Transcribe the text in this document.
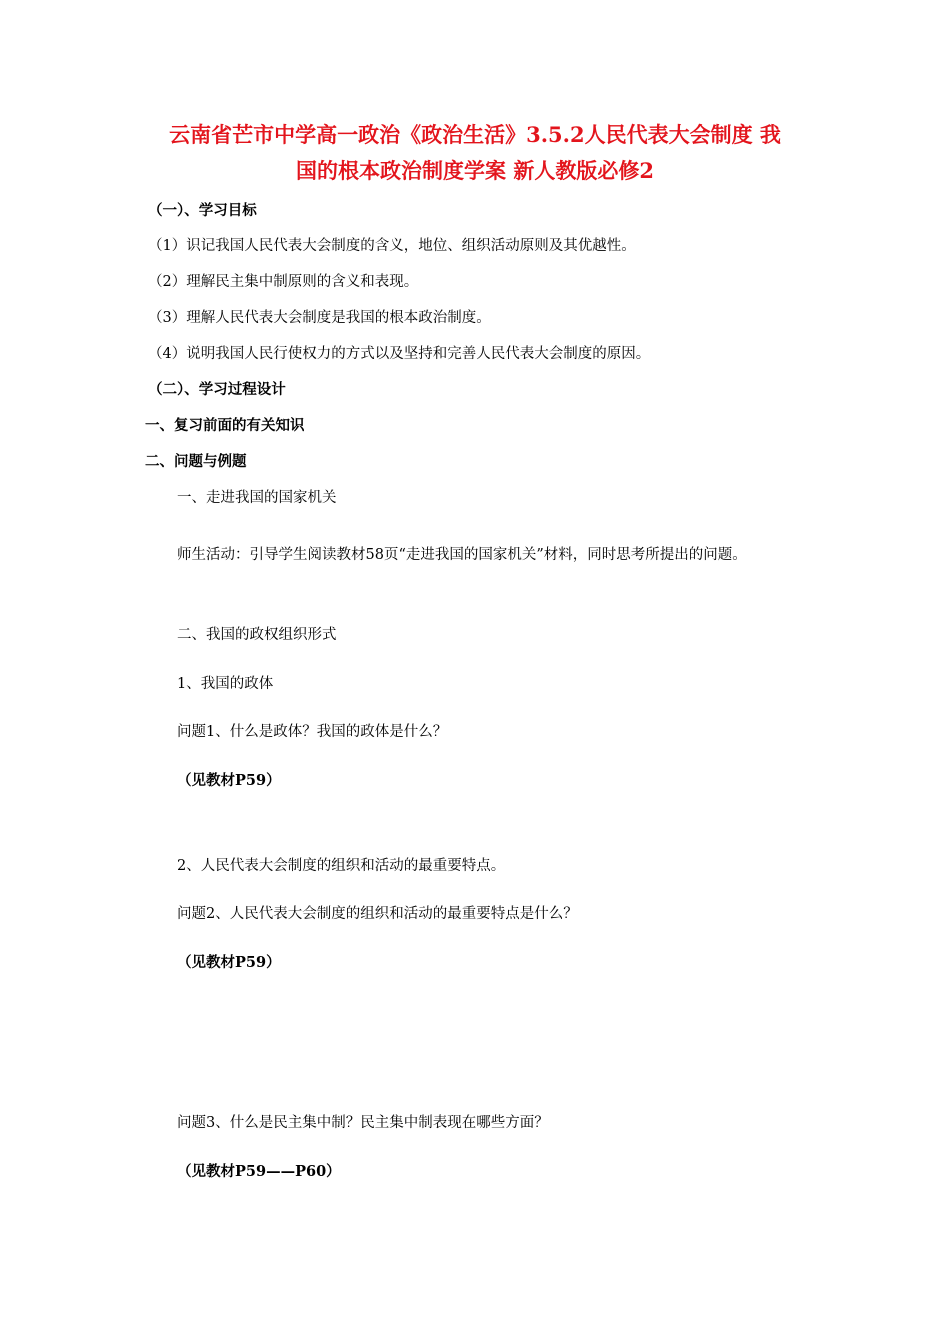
云南省芒市中学高一政治《政治生活》3.5.2人民代表大会制度 我
国的根本政治制度学案 新人教版必修2
（一）、学习目标
（1）识记我国人民代表大会制度的含义，地位、组织活动原则及其优越性。
（2）理解民主集中制原则的含义和表现。
（3）理解人民代表大会制度是我国的根本政治制度。
（4）说明我国人民行使权力的方式以及坚持和完善人民代表大会制度的原因。
（二）、学习过程设计
一、复习前面的有关知识
二、问题与例题
一、走进我国的国家机关
师生活动：引导学生阅读教材58页“走进我国的国家机关”材料，同时思考所提出的问题。
二、我国的政权组织形式
1、我国的政体
问题1、什么是政体？我国的政体是什么？
（见教材P59）
2、人民代表大会制度的组织和活动的最重要特点。
问题2、人民代表大会制度的组织和活动的最重要特点是什么？
（见教材P59）
问题3、什么是民主集中制？民主集中制表现在哪些方面？
（见教材P59——P60）
